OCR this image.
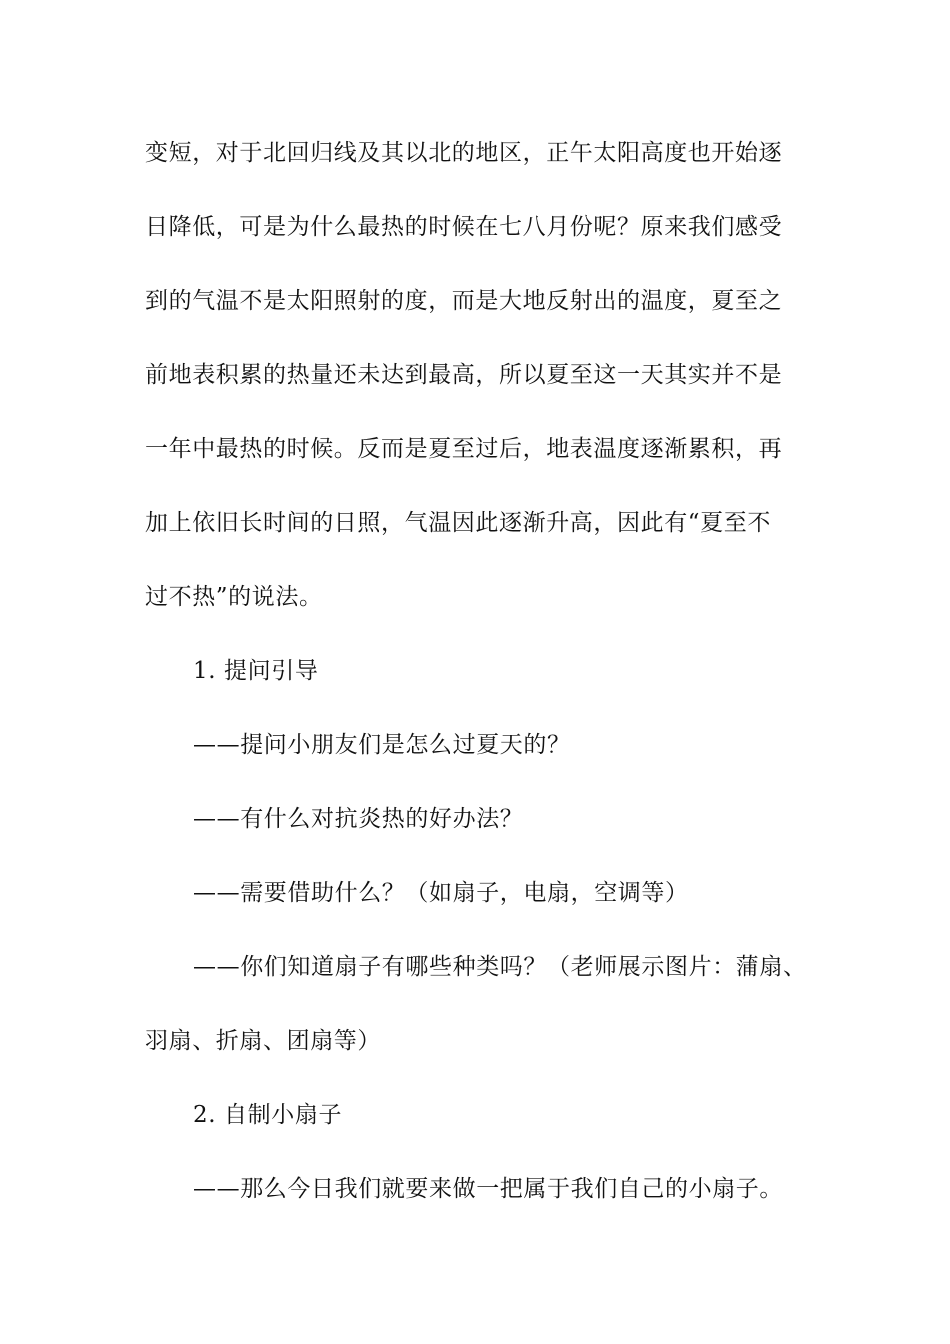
变短，对于北回归线及其以北的地区，正午太阳高度也开始逐
日降低，可是为什么最热的时候在七八月份呢？原来我们感受
到的气温不是太阳照射的度，而是大地反射出的温度，夏至之
前地表积累的热量还未达到最高，所以夏至这一天其实并不是
一年中最热的时候。反而是夏至过后，地表温度逐渐累积，再
加上依旧长时间的日照，气温因此逐渐升高，因此有“夏至不
过不热”的说法。
1. 提问引导
——提问小朋友们是怎么过夏天的？
——有什么对抗炎热的好办法？
——需要借助什么？（如扇子，电扇，空调等）
——你们知道扇子有哪些种类吗？（老师展示图片：蒲扇、
羽扇、折扇、团扇等）
2. 自制小扇子
——那么今日我们就要来做一把属于我们自己的小扇子。
